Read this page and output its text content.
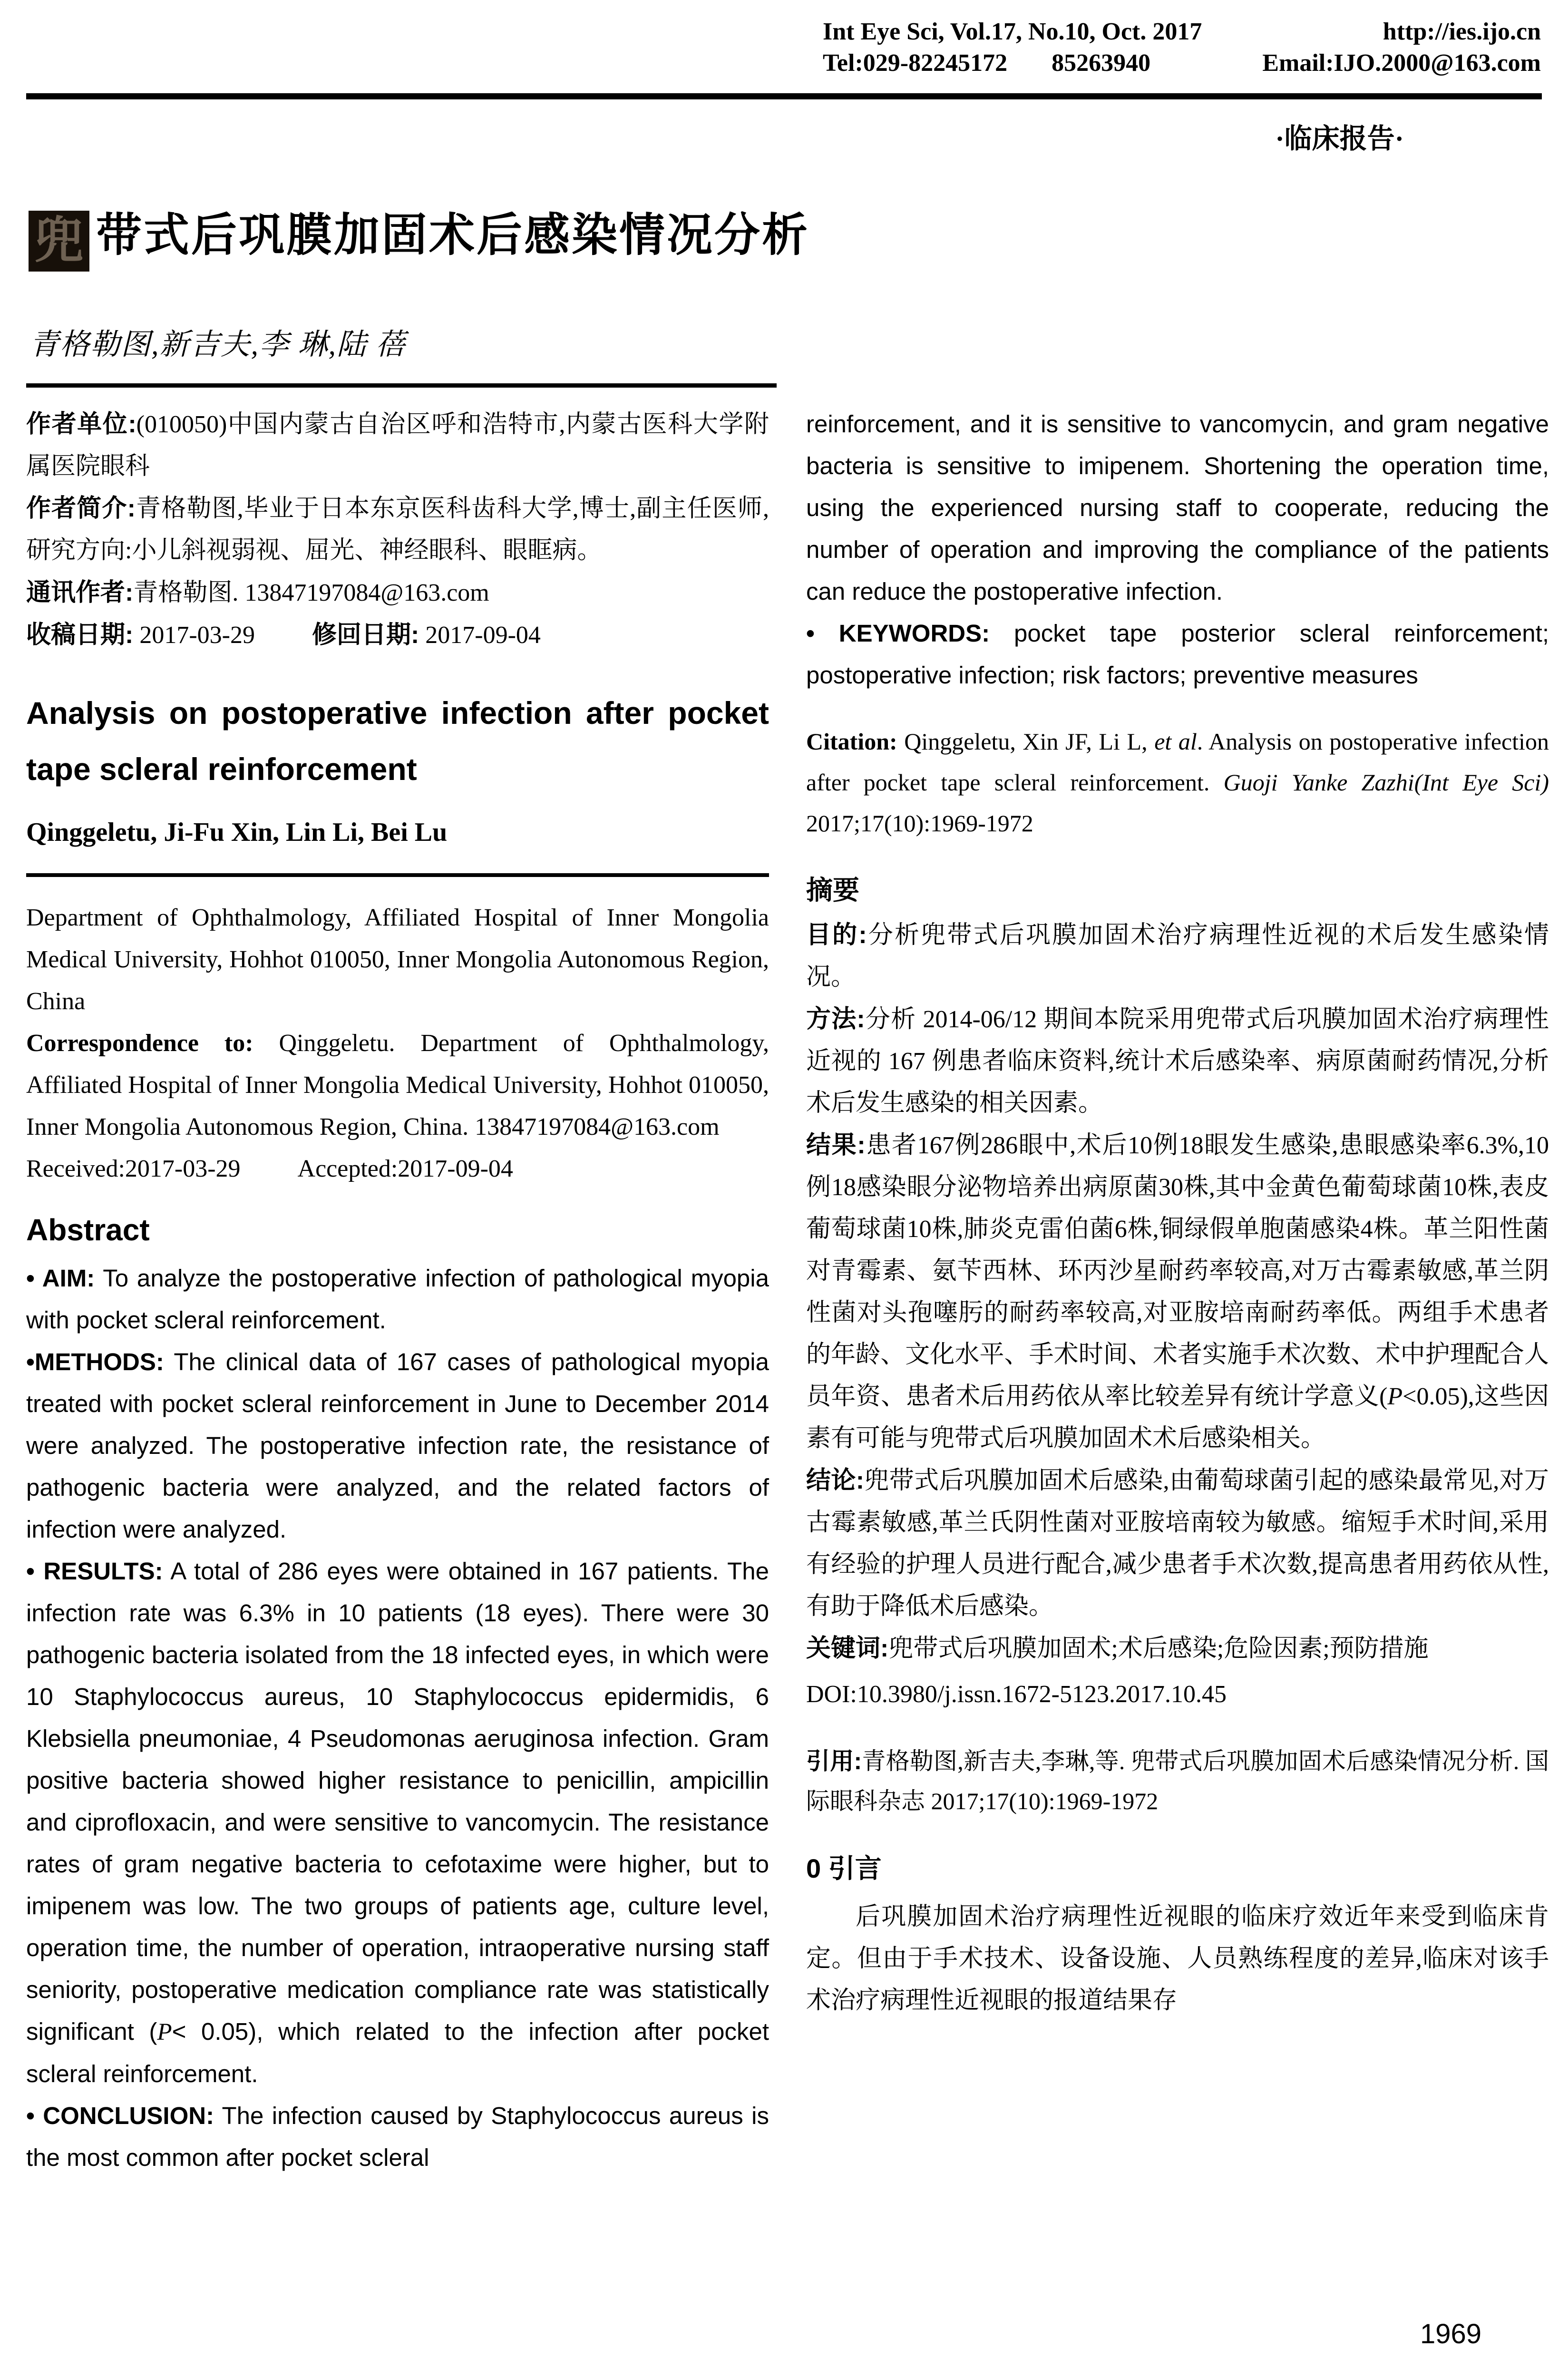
Int Eye Sci, Vol.17, No.10, Oct. 2017	http://ies.ijo.cn
Tel:029-82245172 85263940	Email:IJO.2000@163.com
·临床报告·
兜 带式后巩膜加固术后感染情况分析
青格勒图,新吉夫,李 琳,陆 蓓

作者单位:(010050)中国内蒙古自治区呼和浩特市,内蒙古医科大学附属医院眼科

作者简介:青格勒图,毕业于日本东京医科齿科大学,博士,副主任医师,研究方向:小儿斜视弱视、屈光、神经眼科、眼眶病。

通讯作者:青格勒图. 13847197084@163.com

收稿日期: 2017-03-29 修回日期: 2017-09-04

Analysis on postoperative infection after pocket tape scleral reinforcement
Qinggeletu, Ji-Fu Xin, Lin Li, Bei Lu

Department of Ophthalmology, Affiliated Hospital of Inner Mongolia Medical University, Hohhot 010050, Inner Mongolia Autonomous Region, China

Correspondence to: Qinggeletu. Department of Ophthalmology, Affiliated Hospital of Inner Mongolia Medical University, Hohhot 010050, Inner Mongolia Autonomous Region, China. 13847197084@163.com

Received:2017-03-29 Accepted:2017-09-04

Abstract

• AIM: To analyze the postoperative infection of pathological myopia with pocket scleral reinforcement.

•METHODS: The clinical data of 167 cases of pathological myopia treated with pocket scleral reinforcement in June to December 2014 were analyzed. The postoperative infection rate, the resistance of pathogenic bacteria were analyzed, and the related factors of infection were analyzed.

• RESULTS: A total of 286 eyes were obtained in 167 patients. The infection rate was 6.3% in 10 patients (18 eyes). There were 30 pathogenic bacteria isolated from the 18 infected eyes, in which were 10 Staphylococcus aureus, 10 Staphylococcus epidermidis, 6 Klebsiella pneumoniae, 4 Pseudomonas aeruginosa infection. Gram positive bacteria showed higher resistance to penicillin, ampicillin and ciprofloxacin, and were sensitive to vancomycin. The resistance rates of gram negative bacteria to cefotaxime were higher, but to imipenem was low. The two groups of patients age, culture level, operation time, the number of operation, intraoperative nursing staff seniority, postoperative medication compliance rate was statistically significant (P< 0.05), which related to the infection after pocket scleral reinforcement.

• CONCLUSION: The infection caused by Staphylococcus aureus is the most common after pocket scleral

reinforcement, and it is sensitive to vancomycin, and gram negative bacteria is sensitive to imipenem. Shortening the operation time, using the experienced nursing staff to cooperate, reducing the number of operation and improving the compliance of the patients can reduce the postoperative infection.

• KEYWORDS: pocket tape posterior scleral reinforcement; postoperative infection; risk factors; preventive measures

Citation: Qinggeletu, Xin JF, Li L, et al. Analysis on postoperative infection after pocket tape scleral reinforcement. Guoji Yanke Zazhi(Int Eye Sci) 2017;17(10):1969-1972

摘要

目的:分析兜带式后巩膜加固术治疗病理性近视的术后发生感染情况。

方法:分析 2014-06/12 期间本院采用兜带式后巩膜加固术治疗病理性近视的 167 例患者临床资料,统计术后感染率、病原菌耐药情况,分析术后发生感染的相关因素。

结果:患者167例286眼中,术后10例18眼发生感染,患眼感染率6.3%,10例18感染眼分泌物培养出病原菌30株,其中金黄色葡萄球菌10株,表皮葡萄球菌10株,肺炎克雷伯菌6株,铜绿假单胞菌感染4株。革兰阳性菌对青霉素、氨苄西林、环丙沙星耐药率较高,对万古霉素敏感,革兰阴性菌对头孢噻肟的耐药率较高,对亚胺培南耐药率低。两组手术患者的年龄、文化水平、手术时间、术者实施手术次数、术中护理配合人员年资、患者术后用药依从率比较差异有统计学意义(P<0.05),这些因素有可能与兜带式后巩膜加固术术后感染相关。

结论:兜带式后巩膜加固术后感染,由葡萄球菌引起的感染最常见,对万古霉素敏感,革兰氏阴性菌对亚胺培南较为敏感。缩短手术时间,采用有经验的护理人员进行配合,减少患者手术次数,提高患者用药依从性,有助于降低术后感染。

关键词:兜带式后巩膜加固术;术后感染;危险因素;预防措施

DOI:10.3980/j.issn.1672-5123.2017.10.45

引用:青格勒图,新吉夫,李琳,等. 兜带式后巩膜加固术后感染情况分析. 国际眼科杂志 2017;17(10):1969-1972

0 引言

后巩膜加固术治疗病理性近视眼的临床疗效近年来受到临床肯定。但由于手术技术、设备设施、人员熟练程度的差异,临床对该手术治疗病理性近视眼的报道结果存

1969
